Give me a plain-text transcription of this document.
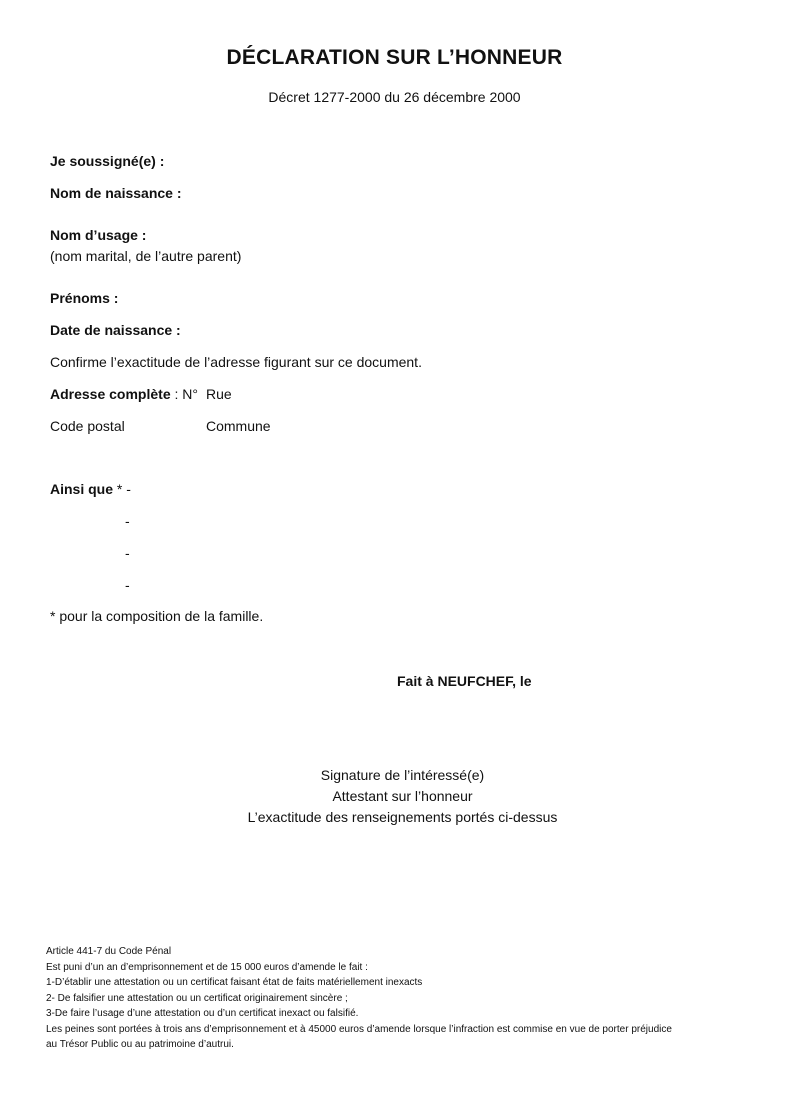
DÉCLARATION SUR L’HONNEUR
Décret 1277-2000 du 26 décembre 2000
Je soussigné(e) :
Nom de naissance :
Nom d’usage :
(nom marital, de l’autre parent)
Prénoms :
Date de naissance :
Confirme l’exactitude de l’adresse figurant sur ce document.
Adresse complète : N° Rue
Code postal	Commune
Ainsi que * -
-
-
-
* pour la composition de la famille.
Fait à NEUFCHEF, le
Signature de l’intéressé(e)
Attestant sur l’honneur
L’exactitude des renseignements portés ci-dessus
Article 441-7 du Code Pénal
Est puni d’un an d’emprisonnement et de 15 000 euros d’amende le fait :
1-D’établir une attestation ou un certificat faisant état de faits matériellement inexacts
2- De falsifier une attestation ou un certificat originairement sincère ;
3-De faire l’usage d’une attestation ou d’un certificat inexact ou falsifié.
Les peines sont portées à trois ans d’emprisonnement et à 45000 euros d’amende lorsque l’infraction est commise en vue de porter préjudice
au Trésor Public ou au patrimoine d’autrui.
